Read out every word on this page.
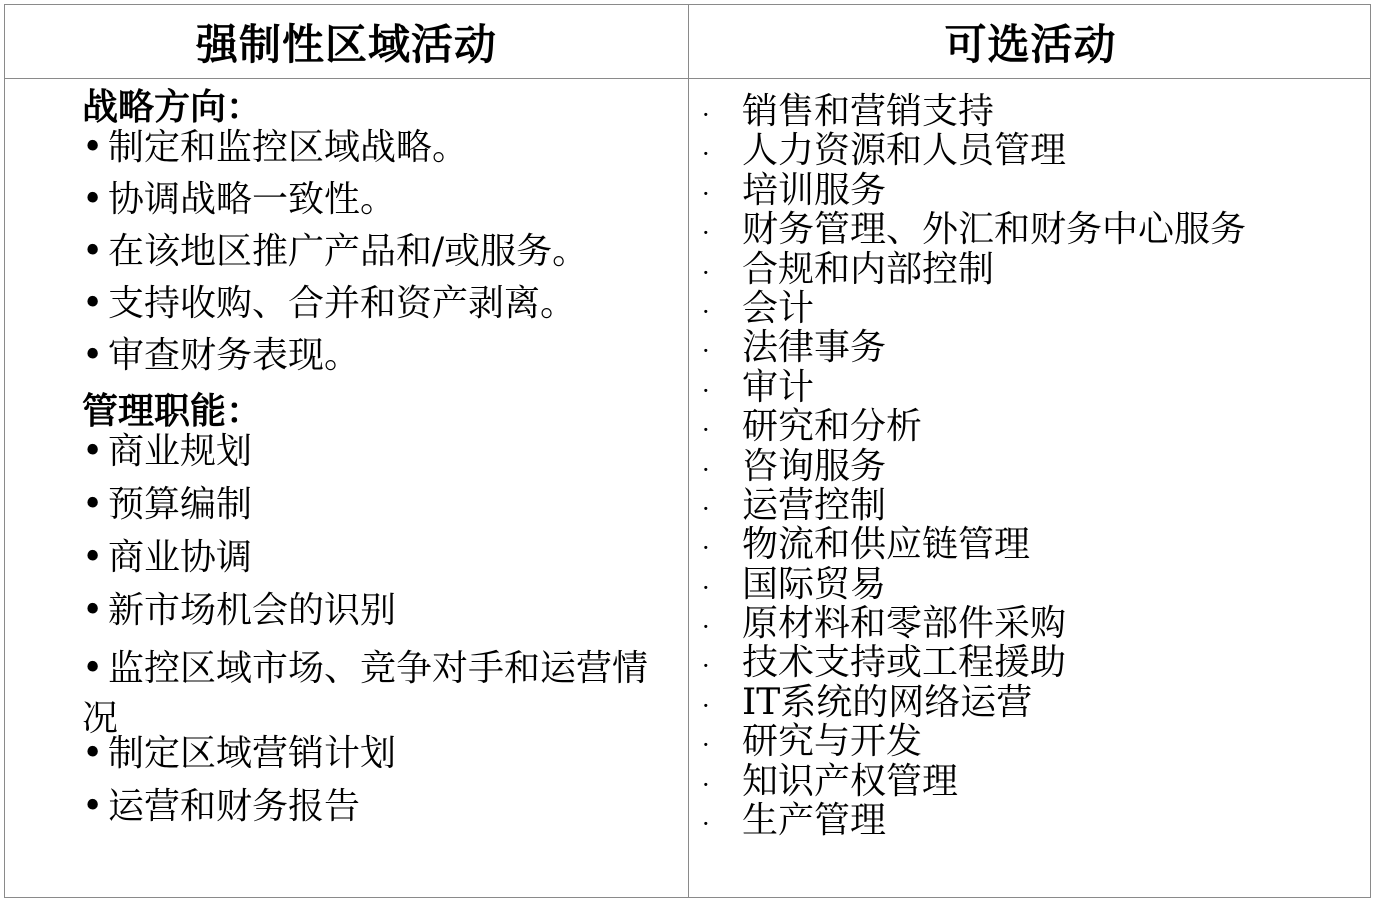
强制性区域活动	可选活动
战略方向：
• 制定和监控区域战略。
• 协调战略一致性。
• 在该地区推广产品和/或服务。
• 支持收购、合并和资产剥离。
• 审查财务表现。
管理职能：
• 商业规划
• 预算编制
• 商业协调
• 新市场机会的识别
• 监控区域市场、竞争对手和运营情况
• 制定区域营销计划
• 运营和财务报告
· 销售和营销支持
· 人力资源和人员管理
· 培训服务
· 财务管理、外汇和财务中心服务
· 合规和内部控制
· 会计
· 法律事务
· 审计
· 研究和分析
· 咨询服务
· 运营控制
· 物流和供应链管理
· 国际贸易
· 原材料和零部件采购
· 技术支持或工程援助
· IT系统的网络运营
· 研究与开发
· 知识产权管理
· 生产管理
